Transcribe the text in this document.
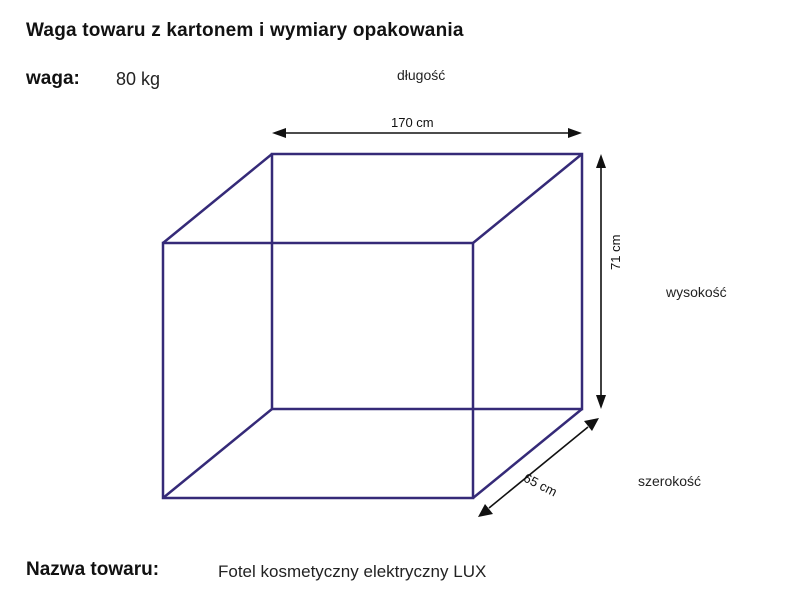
Waga towaru z kartonem i wymiary opakowania
waga: 80 kg	długość
wysokość
szerokość
170 cm
71 cm
65 cm
Nazwa towaru:	Fotel kosmetyczny elektryczny LUX
